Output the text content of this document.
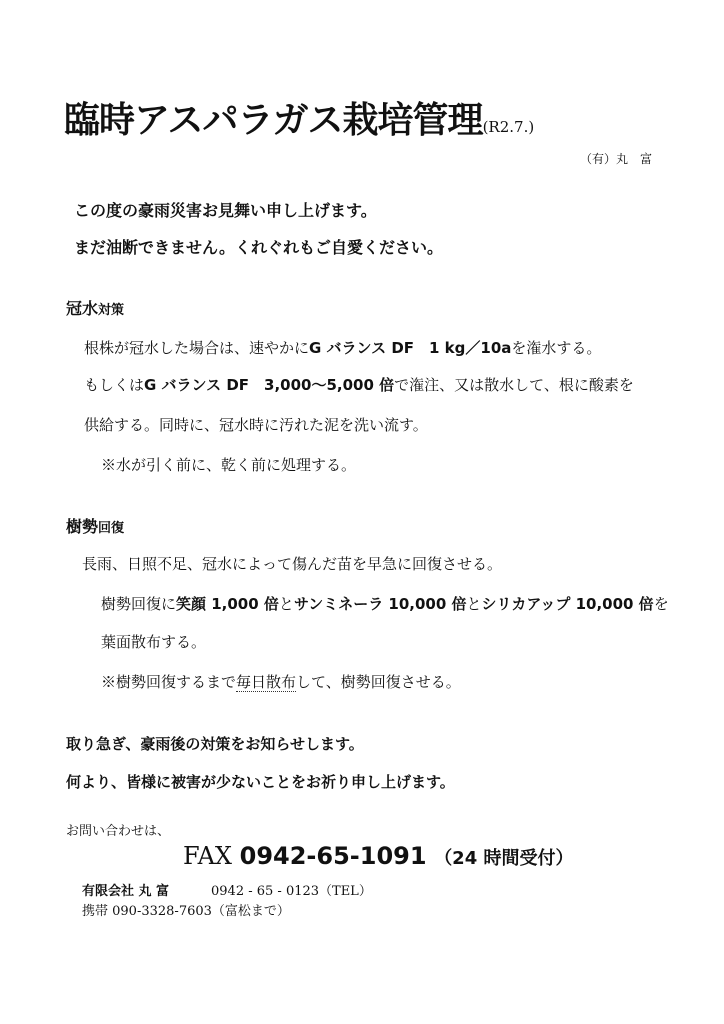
臨時アスパラガス栽培管理(R2.7.)
（有）丸　富
この度の豪雨災害お見舞い申し上げます。
まだ油断できません。くれぐれもご自愛ください。
冠水対策
根株が冠水した場合は、速やかにG バランス DF　1 kg／10aを潅水する。
もしくはG バランス DF　3,000～5,000 倍で潅注、又は散水して、根に酸素を
供給する。同時に、冠水時に汚れた泥を洗い流す。
※水が引く前に、乾く前に処理する。
樹勢回復
長雨、日照不足、冠水によって傷んだ苗を早急に回復させる。
樹勢回復に笑顔 1,000 倍とサンミネーラ 10,000 倍とシリカアップ 10,000 倍を
葉面散布する。
※樹勢回復するまで毎日散布して、樹勢回復させる。
取り急ぎ、豪雨後の対策をお知らせします。
何より、皆様に被害が少ないことをお祈り申し上げます。
お問い合わせは、
FAX 0942-65-1091 （24 時間受付）
有限会社 丸 富	0942 - 65 - 0123（TEL）
携帯 090-3328-7603（富松まで）
